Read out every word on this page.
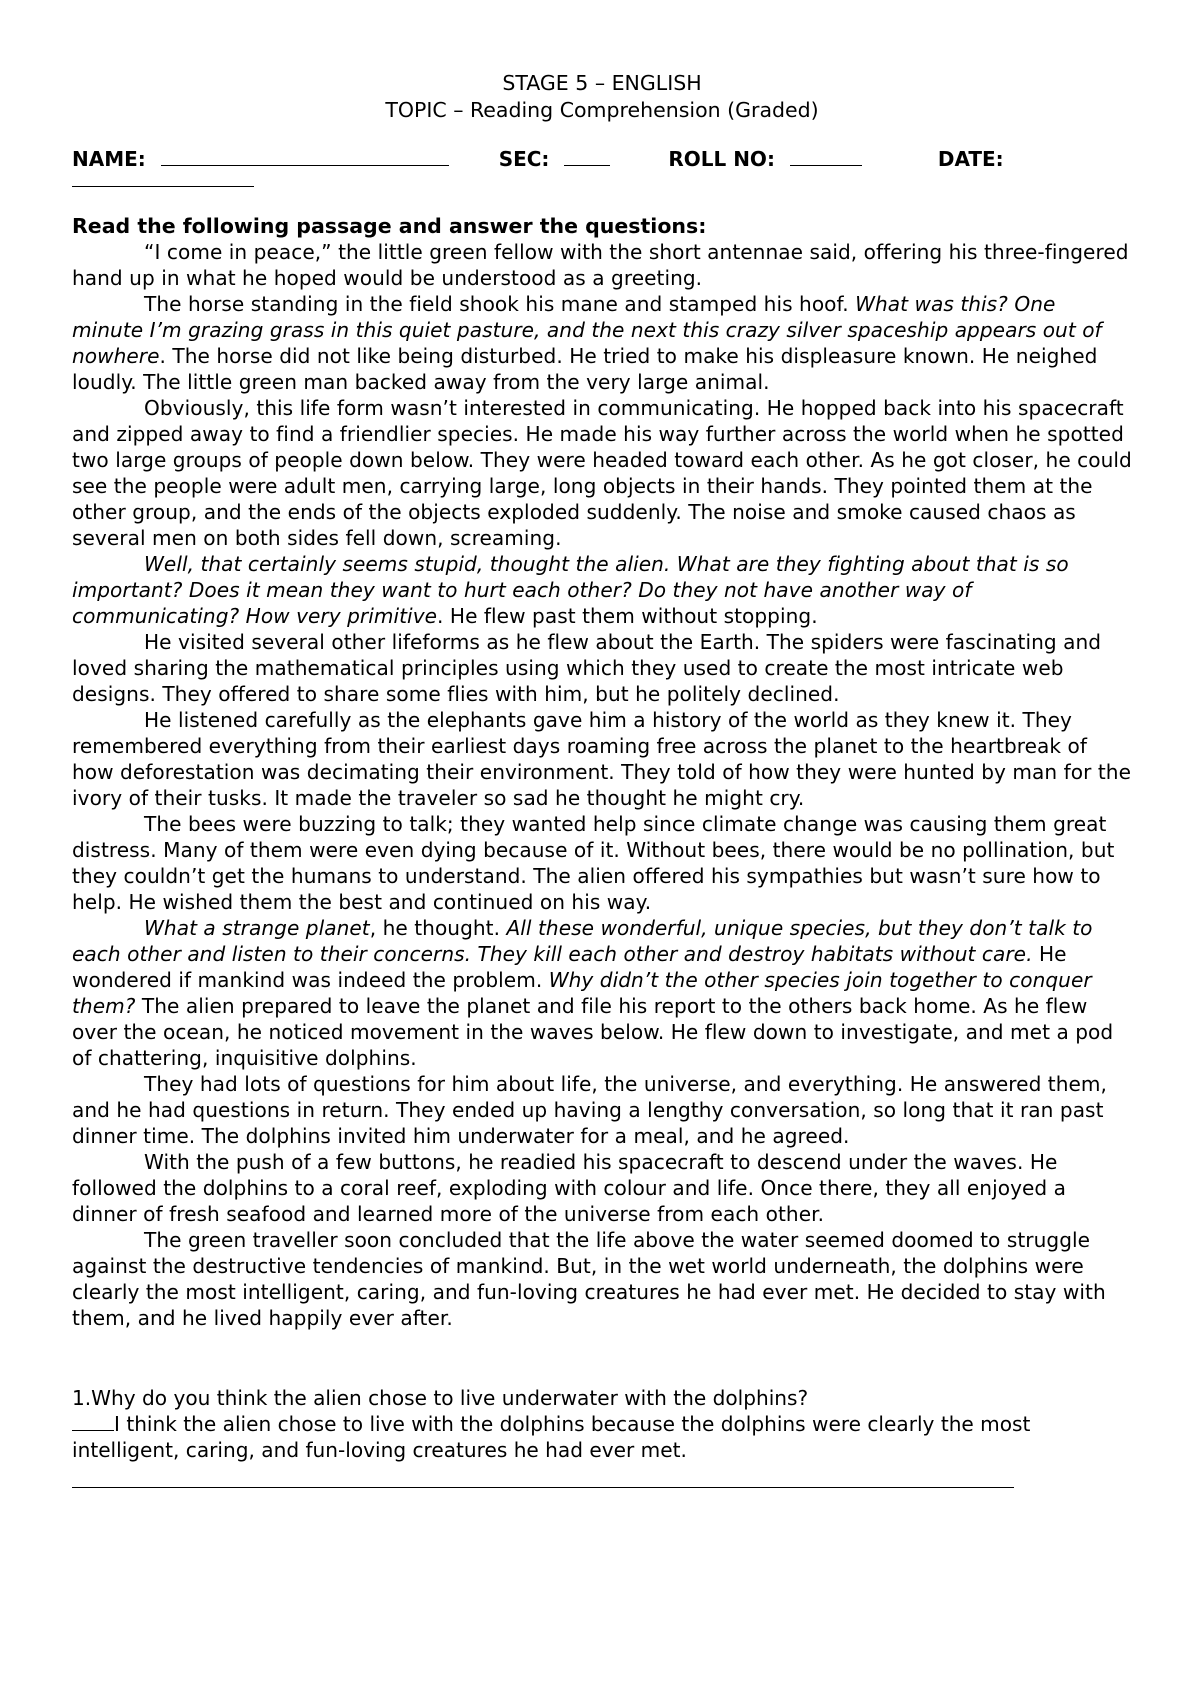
STAGE 5 – ENGLISH
TOPIC – Reading Comprehension (Graded)
NAME:	SEC:	ROLL NO:	DATE:
Read the following passage and answer the questions:

“I come in peace,” the little green fellow with the short antennae said, offering his three-fingered hand up in what he hoped would be understood as a greeting.

The horse standing in the field shook his mane and stamped his hoof. What was this? One minute I’m grazing grass in this quiet pasture, and the next this crazy silver spaceship appears out of nowhere. The horse did not like being disturbed. He tried to make his displeasure known. He neighed loudly. The little green man backed away from the very large animal.

Obviously, this life form wasn’t interested in communicating. He hopped back into his spacecraft and zipped away to find a friendlier species. He made his way further across the world when he spotted two large groups of people down below. They were headed toward each other. As he got closer, he could see the people were adult men, carrying large, long objects in their hands. They pointed them at the other group, and the ends of the objects exploded suddenly. The noise and smoke caused chaos as several men on both sides fell down, screaming.

Well, that certainly seems stupid, thought the alien. What are they fighting about that is so important? Does it mean they want to hurt each other? Do they not have another way of communicating? How very primitive. He flew past them without stopping.

He visited several other lifeforms as he flew about the Earth. The spiders were fascinating and loved sharing the mathematical principles using which they used to create the most intricate web designs. They offered to share some flies with him, but he politely declined.

He listened carefully as the elephants gave him a history of the world as they knew it. They remembered everything from their earliest days roaming free across the planet to the heartbreak of how deforestation was decimating their environment. They told of how they were hunted by man for the ivory of their tusks. It made the traveler so sad he thought he might cry.

The bees were buzzing to talk; they wanted help since climate change was causing them great distress. Many of them were even dying because of it. Without bees, there would be no pollination, but they couldn’t get the humans to understand. The alien offered his sympathies but wasn’t sure how to help. He wished them the best and continued on his way.

What a strange planet, he thought. All these wonderful, unique species, but they don’t talk to each other and listen to their concerns. They kill each other and destroy habitats without care. He wondered if mankind was indeed the problem. Why didn’t the other species join together to conquer them? The alien prepared to leave the planet and file his report to the others back home. As he flew over the ocean, he noticed movement in the waves below. He flew down to investigate, and met a pod of chattering, inquisitive dolphins.

They had lots of questions for him about life, the universe, and everything. He answered them, and he had questions in return. They ended up having a lengthy conversation, so long that it ran past dinner time. The dolphins invited him underwater for a meal, and he agreed.

With the push of a few buttons, he readied his spacecraft to descend under the waves. He followed the dolphins to a coral reef, exploding with colour and life. Once there, they all enjoyed a dinner of fresh seafood and learned more of the universe from each other.

The green traveller soon concluded that the life above the water seemed doomed to struggle against the destructive tendencies of mankind. But, in the wet world underneath, the dolphins were clearly the most intelligent, caring, and fun-loving creatures he had ever met. He decided to stay with them, and he lived happily ever after.

1.Why do you think the alien chose to live underwater with the dolphins?
I think the alien chose to live with the dolphins because the dolphins were clearly the most intelligent, caring, and fun-loving creatures he had ever met.
